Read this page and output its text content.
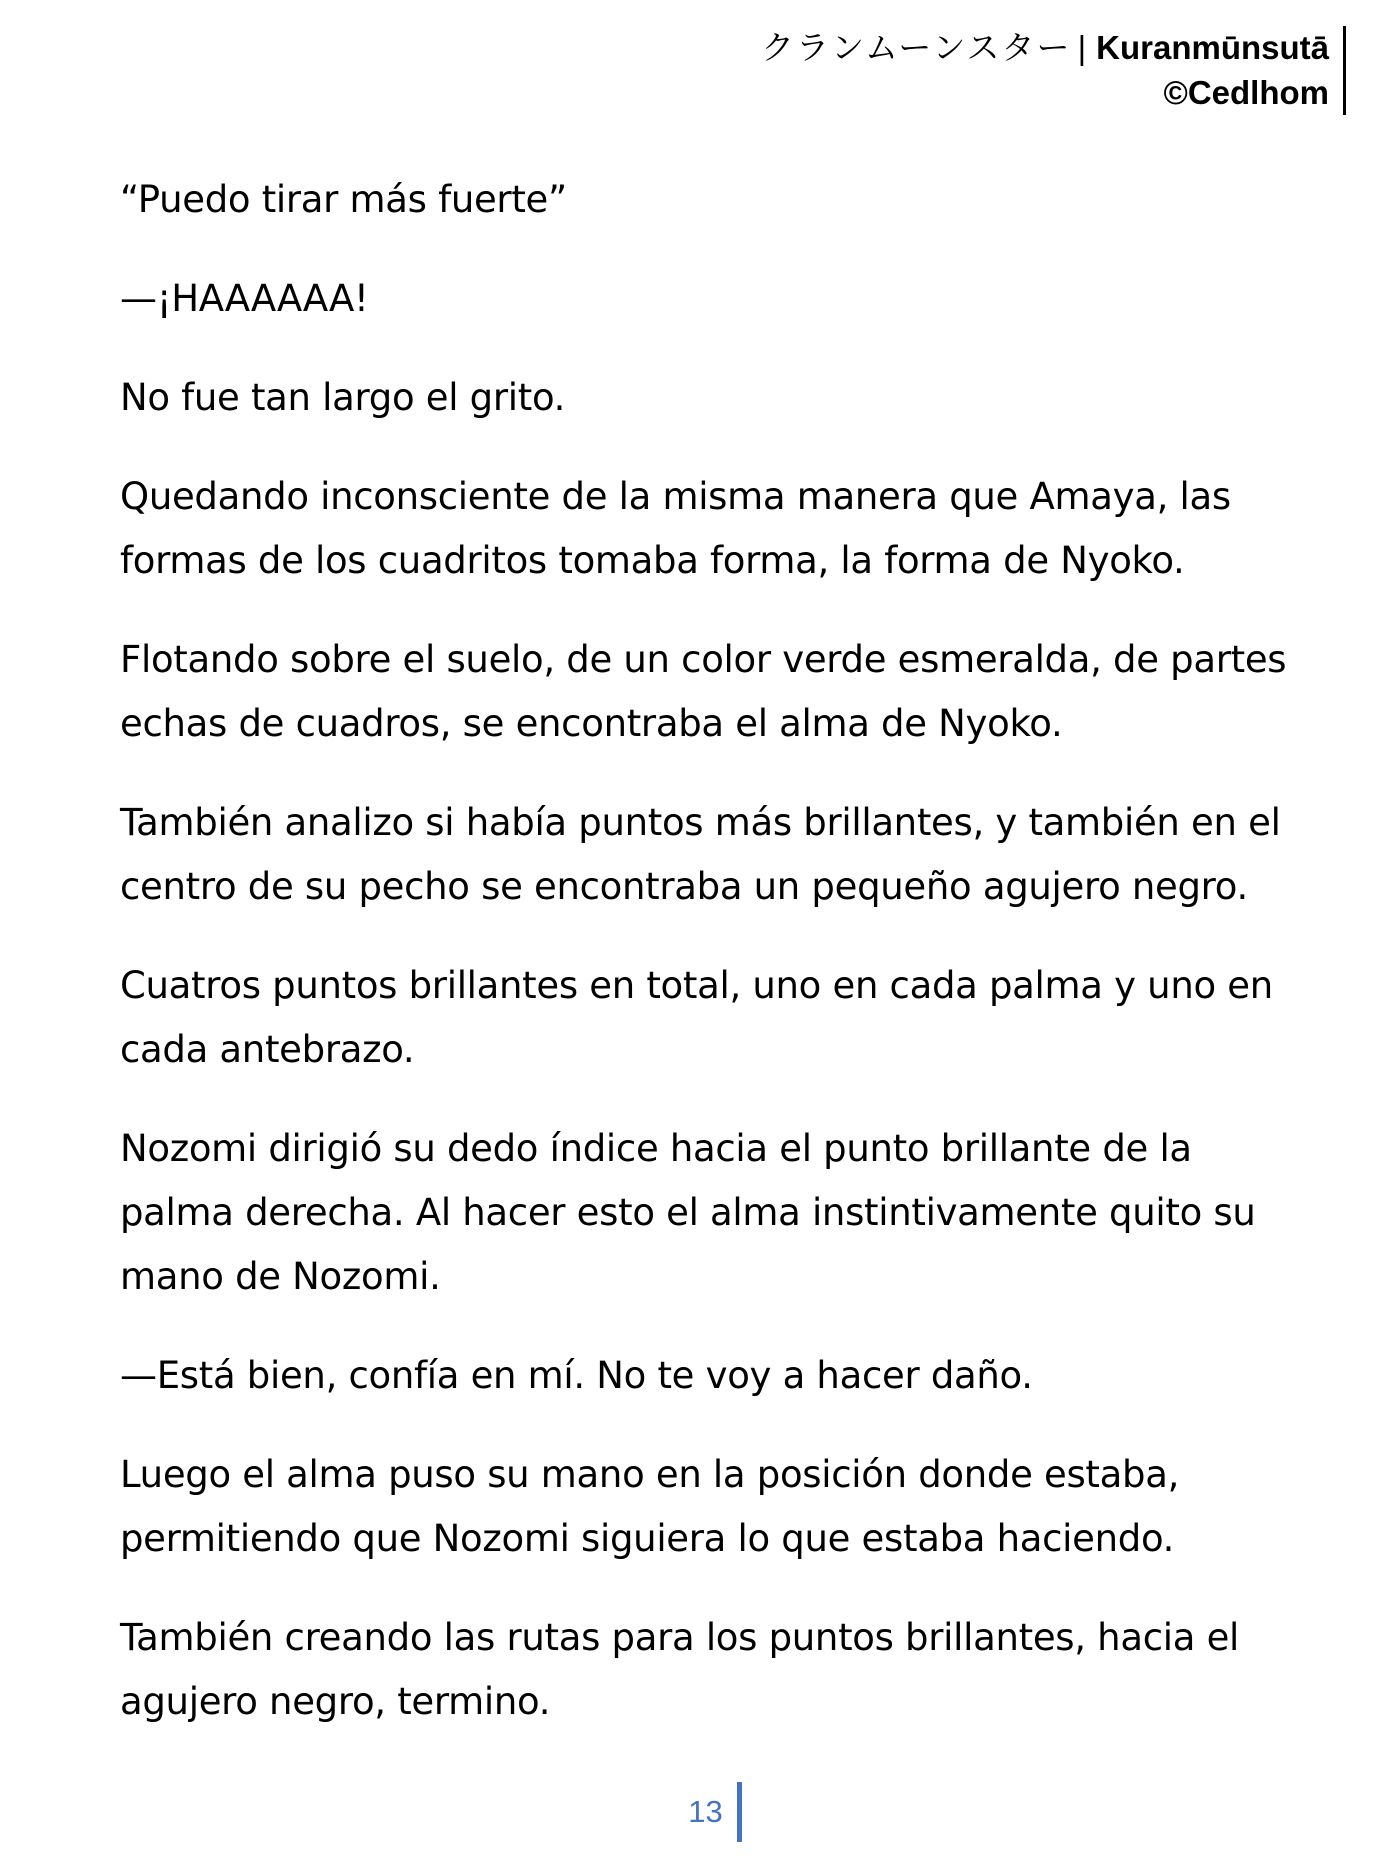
クランムーンスター | Kuranmūnsutā
©Cedlhom

“Puedo tirar más fuerte”

—¡HAAAAAA!

No fue tan largo el grito.

Quedando inconsciente de la misma manera que Amaya, las formas de los cuadritos tomaba forma, la forma de Nyoko.

Flotando sobre el suelo, de un color verde esmeralda, de partes echas de cuadros, se encontraba el alma de Nyoko.

También analizo si había puntos más brillantes, y también en el centro de su pecho se encontraba un pequeño agujero negro.

Cuatros puntos brillantes en total, uno en cada palma y uno en cada antebrazo.

Nozomi dirigió su dedo índice hacia el punto brillante de la palma derecha. Al hacer esto el alma instintivamente quito su mano de Nozomi.

—Está bien, confía en mí. No te voy a hacer daño.

Luego el alma puso su mano en la posición donde estaba, permitiendo que Nozomi siguiera lo que estaba haciendo.

También creando las rutas para los puntos brillantes, hacia el agujero negro, termino.

13
